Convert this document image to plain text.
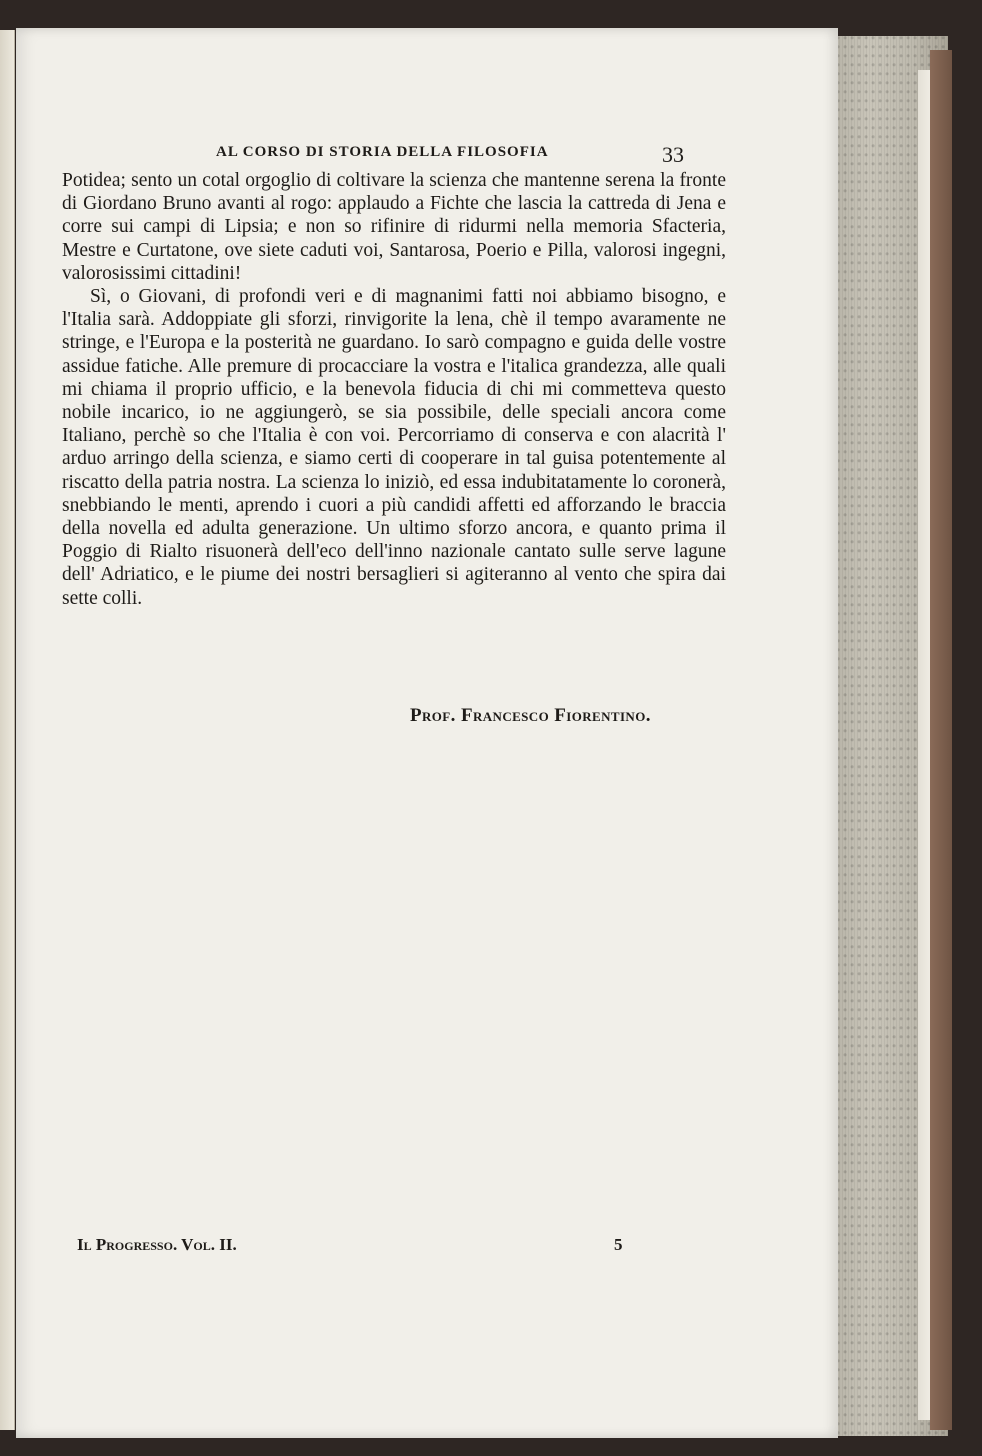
AL CORSO DI STORIA DELLA FILOSOFIA	33

Potidea; sento un cotal orgoglio di coltivare la scienza che mantenne serena la fronte di Giordano Bruno avanti al rogo: applaudo a Fichte che lascia la cattreda di Jena e corre sui campi di Lipsia; e non so rifinire di ridurmi nella memoria Sfacteria, Mestre e Curtatone, ove siete caduti voi, Santarosa, Poerio e Pilla, valorosi ingegni, valorosissimi cittadini!

Sì, o Giovani, di profondi veri e di magnanimi fatti noi abbiamo bisogno, e l'Italia sarà. Addoppiate gli sforzi, rinvigorite la lena, chè il tempo avaramente ne stringe, e l'Europa e la posterità ne guardano. Io sarò compagno e guida delle vostre assidue fatiche. Alle premure di procacciare la vostra e l'italica grandezza, alle quali mi chiama il proprio ufficio, e la benevola fiducia di chi mi commetteva questo nobile incarico, io ne aggiungerò, se sia possibile, delle speciali ancora come Italiano, perchè so che l'Italia è con voi. Percorriamo di conserva e con alacrità l' arduo arringo della scienza, e siamo certi di cooperare in tal guisa potentemente al riscatto della patria nostra. La scienza lo iniziò, ed essa indubitatamente lo coronerà, snebbiando le menti, aprendo i cuori a più candidi affetti ed afforzando le braccia della novella ed adulta generazione. Un ultimo sforzo ancora, e quanto prima il Poggio di Rialto risuonerà dell'eco dell'inno nazionale cantato sulle serve lagune dell' Adriatico, e le piume dei nostri bersaglieri si agiteranno al vento che spira dai sette colli.

Prof. Francesco Fiorentino.
Il Progresso. Vol. II.	5
